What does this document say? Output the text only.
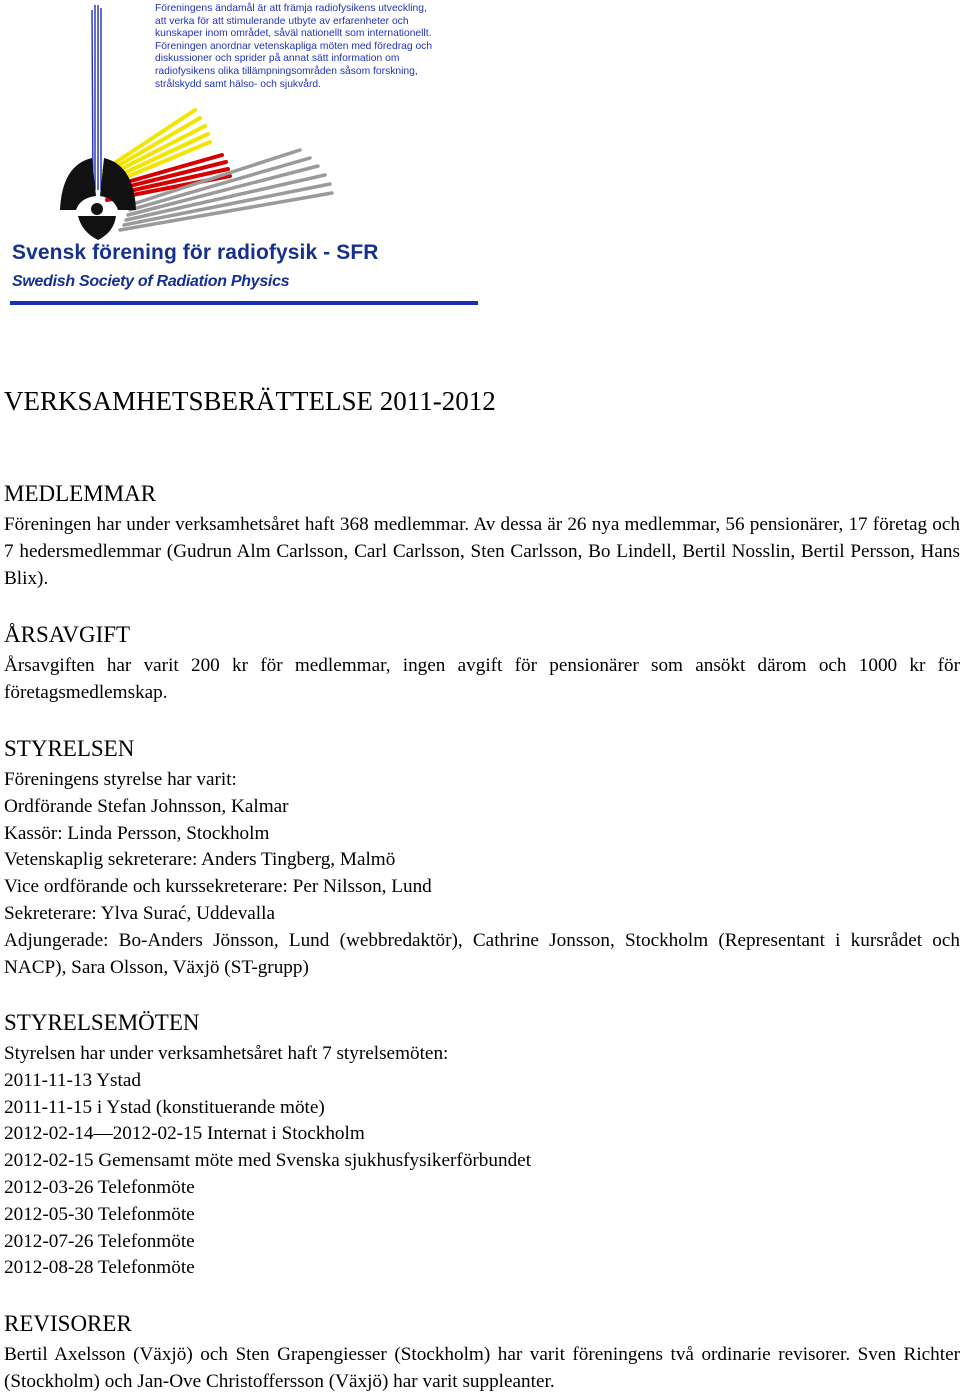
Föreningens ändamål är att främja radiofysikens utveckling,
att verka för att stimulerande utbyte av erfarenheter och
kunskaper inom området, såväl nationellt som internationellt.
Föreningen anordnar vetenskapliga möten med föredrag och
diskussioner och sprider på annat sätt information om
radiofysikens olika tillämpningsområden såsom forskning,
strålskydd samt hälso- och sjukvård.
Svensk förening för radiofysik - SFR
Swedish Society of Radiation Physics
VERKSAMHETSBERÄTTELSE 2011-2012
MEDLEMMAR

Föreningen har under verksamhetsåret haft 368 medlemmar. Av dessa är 26 nya medlemmar, 56 pensionärer, 17 företag och 7 hedersmedlemmar (Gudrun Alm Carlsson, Carl Carlsson, Sten Carlsson, Bo Lindell, Bertil Nosslin, Bertil Persson, Hans Blix).

ÅRSAVGIFT

Årsavgiften har varit 200 kr för medlemmar, ingen avgift för pensionärer som ansökt därom och 1000 kr för företagsmedlemskap.

STYRELSEN
Föreningens styrelse har varit:
Ordförande Stefan Johnsson, Kalmar
Kassör: Linda Persson, Stockholm
Vetenskaplig sekreterare: Anders Tingberg, Malmö
Vice ordförande och kurssekreterare: Per Nilsson, Lund
Sekreterare: Ylva Surać, Uddevalla
Adjungerade: Bo-Anders Jönsson, Lund (webbredaktör), Cathrine Jonsson, Stockholm (Representant i kursrådet och NACP), Sara Olsson, Växjö (ST-grupp)
STYRELSEMÖTEN
Styrelsen har under verksamhetsåret haft 7 styrelsemöten:
2011-11-13 Ystad
2011-11-15 i Ystad (konstituerande möte)
2012-02-14—2012-02-15 Internat i Stockholm
2012-02-15 Gemensamt möte med Svenska sjukhusfysikerförbundet
2012-03-26 Telefonmöte
2012-05-30 Telefonmöte
2012-07-26 Telefonmöte
2012-08-28 Telefonmöte
REVISORER

Bertil Axelsson (Växjö) och Sten Grapengiesser (Stockholm) har varit föreningens två ordinarie revisorer. Sven Richter (Stockholm) och Jan-Ove Christoffersson (Växjö) har varit suppleanter.
